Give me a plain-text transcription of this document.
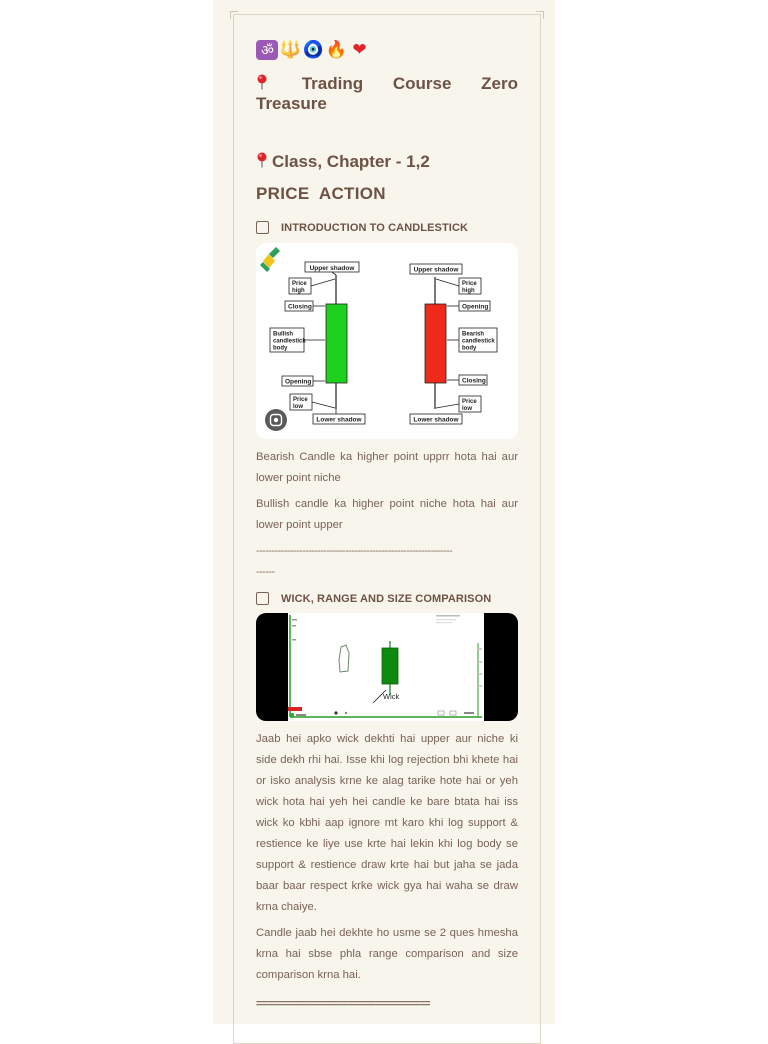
ॐ 🔱 🧿 🔥 ❤
Trading Course Zero
Treasure
Class, Chapter - 1,2
PRICE  ACTION
INTRODUCTION TO CANDLESTICK
Upper shadow
Price
high
Closing
Bullish
candlestick
body
Opening
Price
low
Lower shadow
Upper shadow
Price
high
Opening
Bearish
candlestick
body
Closing
Price
low
Lower shadow
Bearish Candle ka higher point upprr hota hai aur lower point niche
Bullish candle ka higher point niche hota hai aur lower point upper
----------------------------------------------------------------
------
WICK, RANGE AND SIZE COMPARISON
Wick
Jaab hei apko wick dekhti hai upper aur niche ki side dekh rhi hai. Isse khi log rejection bhi khete hai or isko analysis krne ke alag tarike hote hai or yeh wick hota hai yeh hei candle ke bare btata hai iss wick ko kbhi aap ignore mt karo khi log support & restience ke liye use krte hai lekin khi log body se support & restience draw krte hai but jaha se jada baar baar respect krke wick gya hai waha se draw krna chaiye.
Candle jaab hei dekhte ho usme se 2 ques hmesha krna hai sbse phla range comparison and size comparison krna hai.
================================
